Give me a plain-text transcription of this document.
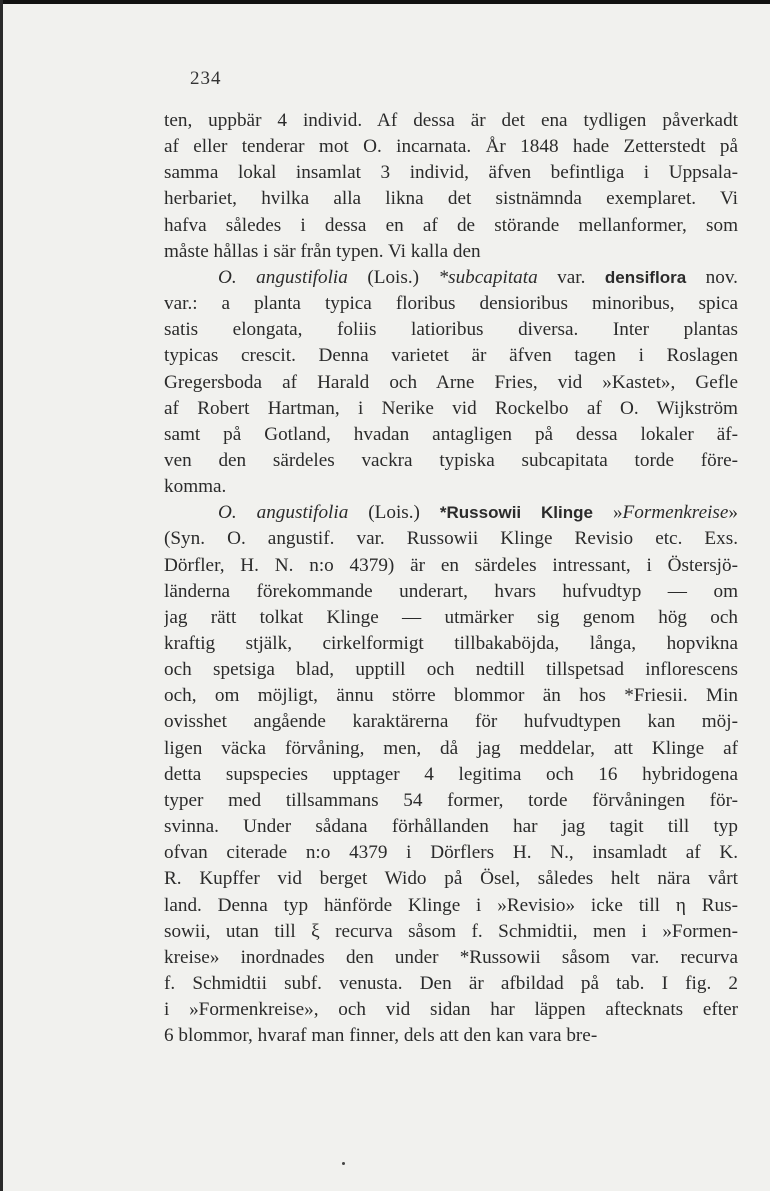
234
ten, uppbär 4 individ. Af dessa är det ena tydligen påverkadt
af eller tenderar mot O. incarnata. År 1848 hade Zetterstedt på
samma lokal insamlat 3 individ, äfven befintliga i Uppsala-
herbariet, hvilka alla likna det sistnämnda exemplaret. Vi
hafva således i dessa en af de störande mellanformer, som
måste hållas i sär från typen. Vi kalla den
O. angustifolia (Lois.) *subcapitata var. densiflora nov.
var.: a planta typica floribus densioribus minoribus, spica
satis elongata, foliis latioribus diversa. Inter plantas
typicas crescit. Denna varietet är äfven tagen i Roslagen
Gregersboda af Harald och Arne Fries, vid »Kastet», Gefle
af Robert Hartman, i Nerike vid Rockelbo af O. Wijkström
samt på Gotland, hvadan antagligen på dessa lokaler äf-
ven den särdeles vackra typiska subcapitata torde före-
komma.
O. angustifolia (Lois.) *Russowii Klinge »Formenkreise»
(Syn. O. angustif. var. Russowii Klinge Revisio etc. Exs.
Dörfler, H. N. n:o 4379) är en särdeles intressant, i Östersjö-
länderna förekommande underart, hvars hufvudtyp — om
jag rätt tolkat Klinge — utmärker sig genom hög och
kraftig stjälk, cirkelformigt tillbakaböjda, långa, hopvikna
och spetsiga blad, upptill och nedtill tillspetsad inflorescens
och, om möjligt, ännu större blommor än hos *Friesii. Min
ovisshet angående karaktärerna för hufvudtypen kan möj-
ligen väcka förvåning, men, då jag meddelar, att Klinge af
detta supspecies upptager 4 legitima och 16 hybridogena
typer med tillsammans 54 former, torde förvåningen för-
svinna. Under sådana förhållanden har jag tagit till typ
ofvan citerade n:o 4379 i Dörflers H. N., insamladt af K.
R. Kupffer vid berget Wido på Ösel, således helt nära vårt
land. Denna typ hänförde Klinge i »Revisio» icke till η Rus-
sowii, utan till ξ recurva såsom f. Schmidtii, men i »Formen-
kreise» inordnades den under *Russowii såsom var. recurva
f. Schmidtii subf. venusta. Den är afbildad på tab. I fig. 2
i »Formenkreise», och vid sidan har läppen aftecknats efter
6 blommor, hvaraf man finner, dels att den kan vara bre-
